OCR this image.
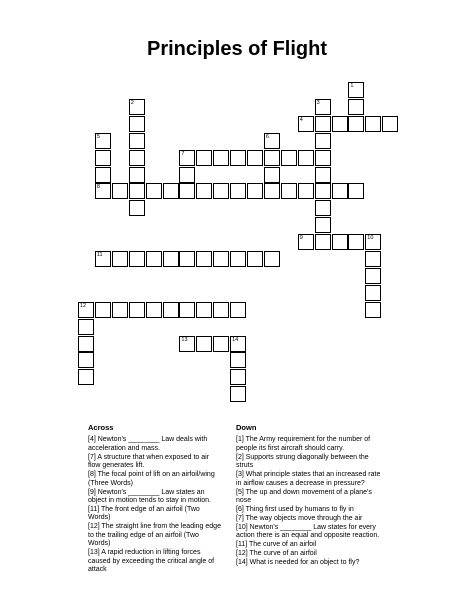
Principles of Flight
1
2	3
5
8
6
7
10
12
14
4
9
11
13
Across
[4] Newton's ________ Law deals with acceleration and mass.
[7] A structure that when exposed to air flow generates lift.
[8] The focal point of lift on an airfoil/wing (Three Words)
[9] Newton's ________ Law states an object in motion tends to stay in motion.
[11] The front edge of an airfoil (Two Words)
[12] The straight line from the leading edge to the trailing edge of an airfoil (Two Words)
[13] A rapid reduction in lifting forces caused by exceeding the critical angle of attack
Down
[1] The Army requirement for the number of people its first aircraft should carry.
[2] Supports strung diagonally between the struts
[3] What principle states that an increased rate in airflow causes a decrease in pressure?
[5] The up and down movement of a plane's nose
[6] Thing first used by humans to fly in
[7] The way objects move through the air
[10] Newton's ________ Law states for every action there is an equal and opposite reaction.
[11] The curve of an airfoil
[12] The curve of an airfoil
[14] What is needed for an object to fly?
